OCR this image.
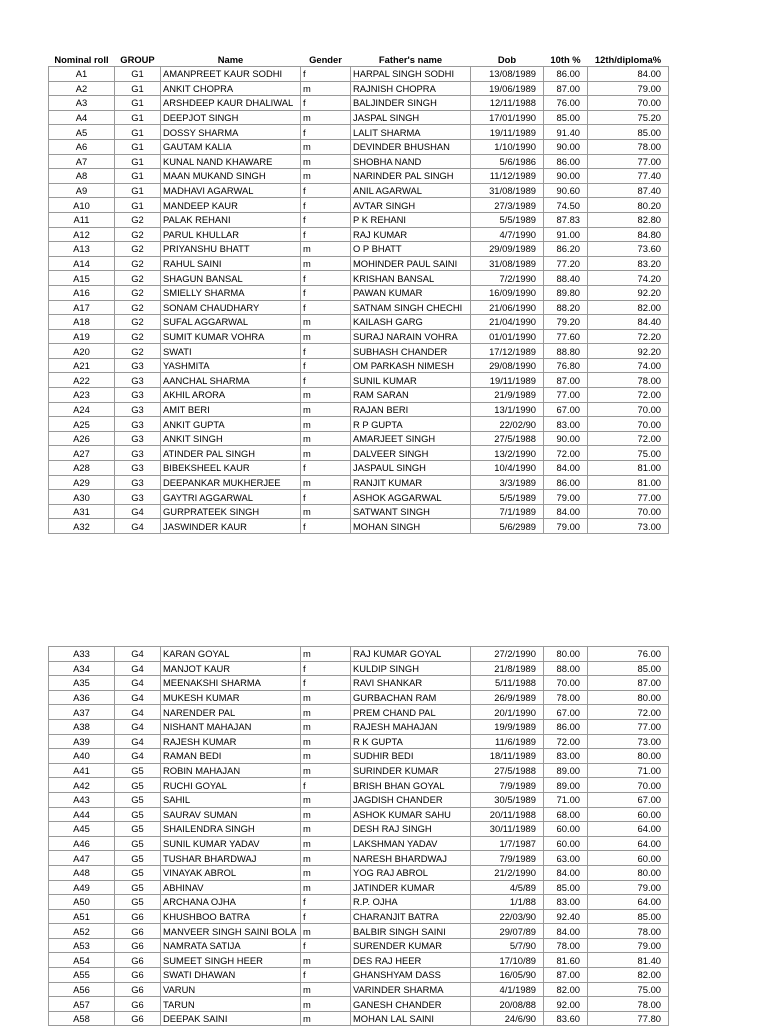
Nominal roll	GROUP	Name	Gender	Father's name	Dob	10th %	12th/diploma%
A1	G1	AMANPREET KAUR SODHI	f	HARPAL SINGH SODHI	13/08/1989	86.00	84.00
A2	G1	ANKIT CHOPRA	m	RAJNISH CHOPRA	19/06/1989	87.00	79.00
A3	G1	ARSHDEEP KAUR DHALIWAL	f	BALJINDER SINGH	12/11/1988	76.00	70.00
A4	G1	DEEPJOT SINGH	m	JASPAL SINGH	17/01/1990	85.00	75.20
A5	G1	DOSSY SHARMA	f	LALIT SHARMA	19/11/1989	91.40	85.00
A6	G1	GAUTAM KALIA	m	DEVINDER BHUSHAN	1/10/1990	90.00	78.00
A7	G1	KUNAL NAND KHAWARE	m	SHOBHA NAND	5/6/1986	86.00	77.00
A8	G1	MAAN MUKAND SINGH	m	NARINDER PAL SINGH	11/12/1989	90.00	77.40
A9	G1	MADHAVI AGARWAL	f	ANIL AGARWAL	31/08/1989	90.60	87.40
A10	G1	MANDEEP KAUR	f	AVTAR SINGH	27/3/1989	74.50	80.20
A11	G2	PALAK REHANI	f	P K REHANI	5/5/1989	87.83	82.80
A12	G2	PARUL KHULLAR	f	RAJ KUMAR	4/7/1990	91.00	84.80
A13	G2	PRIYANSHU BHATT	m	O P BHATT	29/09/1989	86.20	73.60
A14	G2	RAHUL SAINI	m	MOHINDER PAUL SAINI	31/08/1989	77.20	83.20
A15	G2	SHAGUN BANSAL	f	KRISHAN BANSAL	7/2/1990	88.40	74.20
A16	G2	SMIELLY SHARMA	f	PAWAN KUMAR	16/09/1990	89.80	92.20
A17	G2	SONAM CHAUDHARY	f	SATNAM SINGH CHECHI	21/06/1990	88.20	82.00
A18	G2	SUFAL AGGARWAL	m	KAILASH GARG	21/04/1990	79.20	84.40
A19	G2	SUMIT KUMAR VOHRA	m	SURAJ NARAIN VOHRA	01/01/1990	77.60	72.20
A20	G2	SWATI	f	SUBHASH CHANDER	17/12/1989	88.80	92.20
A21	G3	YASHMITA	f	OM PARKASH NIMESH	29/08/1990	76.80	74.00
A22	G3	AANCHAL SHARMA	f	SUNIL KUMAR	19/11/1989	87.00	78.00
A23	G3	AKHIL ARORA	m	RAM SARAN	21/9/1989	77.00	72.00
A24	G3	AMIT BERI	m	RAJAN BERI	13/1/1990	67.00	70.00
A25	G3	ANKIT GUPTA	m	R P GUPTA	22/02/90	83.00	70.00
A26	G3	ANKIT SINGH	m	AMARJEET SINGH	27/5/1988	90.00	72.00
A27	G3	ATINDER PAL SINGH	m	DALVEER SINGH	13/2/1990	72.00	75.00
A28	G3	BIBEKSHEEL KAUR	f	JASPAUL SINGH	10/4/1990	84.00	81.00
A29	G3	DEEPANKAR MUKHERJEE	m	RANJIT KUMAR	3/3/1989	86.00	81.00
A30	G3	GAYTRI AGGARWAL	f	ASHOK AGGARWAL	5/5/1989	79.00	77.00
A31	G4	GURPRATEEK SINGH	m	SATWANT SINGH	7/1/1989	84.00	70.00
A32	G4	JASWINDER KAUR	f	MOHAN SINGH	5/6/2989	79.00	73.00
A33	G4	KARAN GOYAL	m	RAJ KUMAR GOYAL	27/2/1990	80.00	76.00
A34	G4	MANJOT KAUR	f	KULDIP SINGH	21/8/1989	88.00	85.00
A35	G4	MEENAKSHI SHARMA	f	RAVI SHANKAR	5/11/1988	70.00	87.00
A36	G4	MUKESH KUMAR	m	GURBACHAN RAM	26/9/1989	78.00	80.00
A37	G4	NARENDER PAL	m	PREM CHAND PAL	20/1/1990	67.00	72.00
A38	G4	NISHANT MAHAJAN	m	RAJESH MAHAJAN	19/9/1989	86.00	77.00
A39	G4	RAJESH KUMAR	m	R K GUPTA	11/6/1989	72.00	73.00
A40	G4	RAMAN BEDI	m	SUDHIR BEDI	18/11/1989	83.00	80.00
A41	G5	ROBIN MAHAJAN	m	SURINDER KUMAR	27/5/1988	89.00	71.00
A42	G5	RUCHI GOYAL	f	BRISH BHAN GOYAL	7/9/1989	89.00	70.00
A43	G5	SAHIL	m	JAGDISH CHANDER	30/5/1989	71.00	67.00
A44	G5	SAURAV SUMAN	m	ASHOK KUMAR SAHU	20/11/1988	68.00	60.00
A45	G5	SHAILENDRA SINGH	m	DESH RAJ SINGH	30/11/1989	60.00	64.00
A46	G5	SUNIL KUMAR YADAV	m	LAKSHMAN YADAV	1/7/1987	60.00	64.00
A47	G5	TUSHAR BHARDWAJ	m	NARESH BHARDWAJ	7/9/1989	63.00	60.00
A48	G5	VINAYAK ABROL	m	YOG RAJ ABROL	21/2/1990	84.00	80.00
A49	G5	ABHINAV	m	JATINDER KUMAR	4/5/89	85.00	79.00
A50	G5	ARCHANA OJHA	f	R.P. OJHA	1/1/88	83.00	64.00
A51	G6	KHUSHBOO BATRA	f	CHARANJIT BATRA	22/03/90	92.40	85.00
A52	G6	MANVEER SINGH SAINI BOLA	m	BALBIR SINGH SAINI	29/07/89	84.00	78.00
A53	G6	NAMRATA SATIJA	f	SURENDER KUMAR	5/7/90	78.00	79.00
A54	G6	SUMEET SINGH HEER	m	DES RAJ HEER	17/10/89	81.60	81.40
A55	G6	SWATI DHAWAN	f	GHANSHYAM DASS	16/05/90	87.00	82.00
A56	G6	VARUN	m	VARINDER SHARMA	4/1/1989	82.00	75.00
A57	G6	TARUN	m	GANESH CHANDER	20/08/88	92.00	78.00
A58	G6	DEEPAK SAINI	m	MOHAN LAL SAINI	24/6/90	83.60	77.80
